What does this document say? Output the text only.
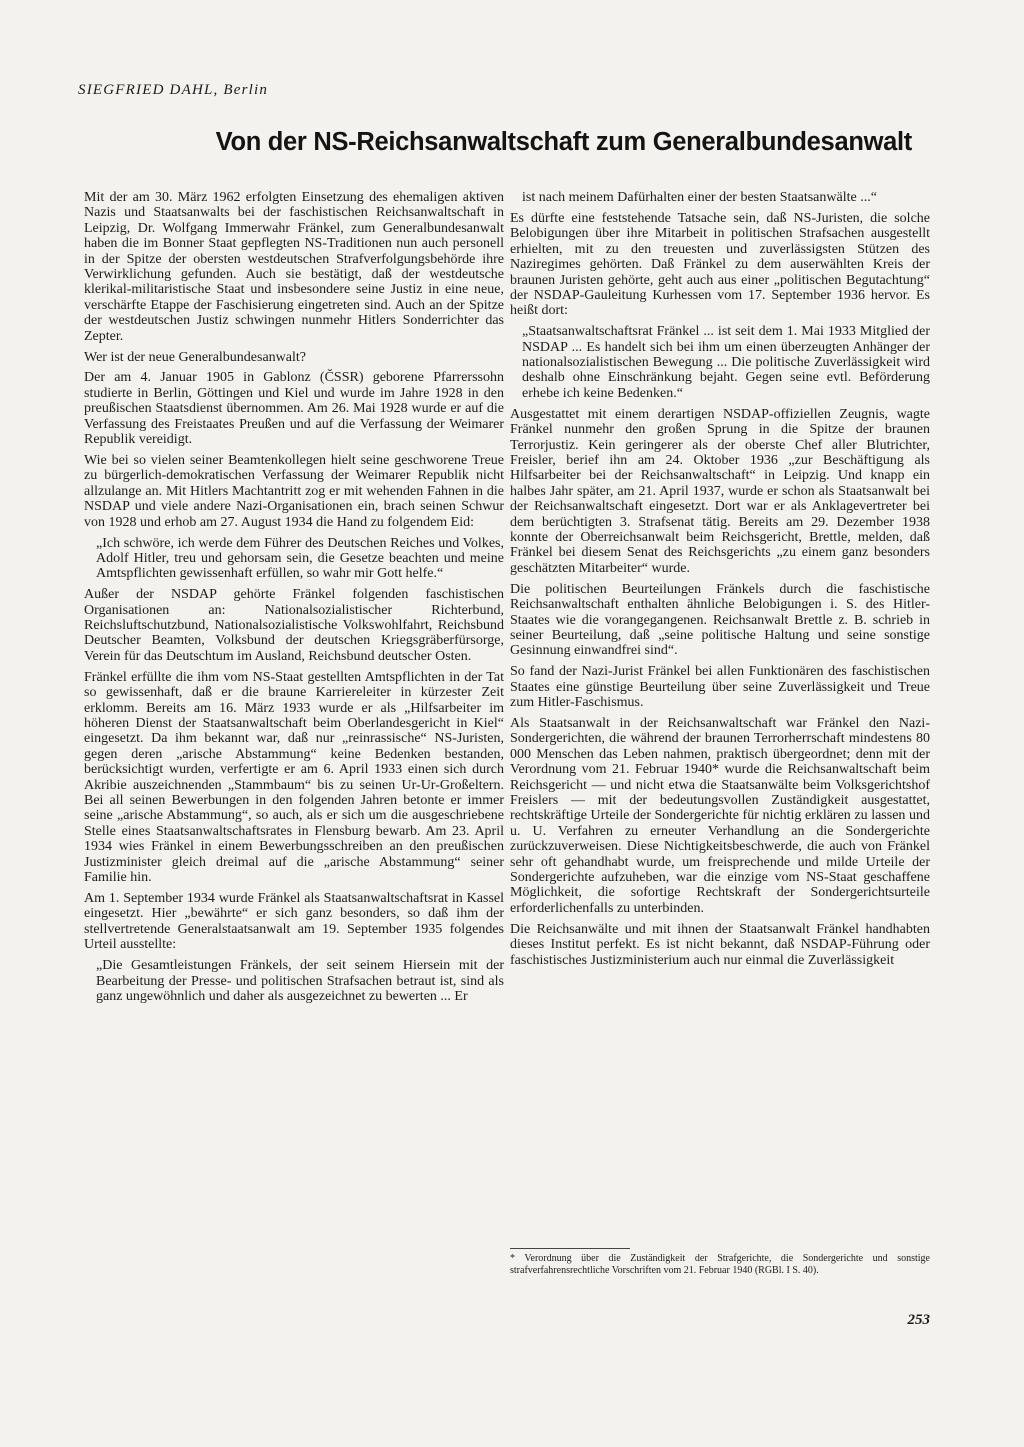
SIEGFRIED DAHL, Berlin
Von der NS-Reichsanwaltschaft zum Generalbundesanwalt

Mit der am 30. März 1962 erfolgten Einsetzung des ehemaligen aktiven Nazis und Staatsanwalts bei der faschistischen Reichsanwaltschaft in Leipzig, Dr. Wolfgang Immerwahr Fränkel, zum Generalbundesanwalt haben die im Bonner Staat gepflegten NS-Traditionen nun auch personell in der Spitze der obersten westdeutschen Strafverfolgungsbehörde ihre Verwirklichung gefunden. Auch sie bestätigt, daß der westdeutsche klerikal-militaristische Staat und insbesondere seine Justiz in eine neue, verschärfte Etappe der Faschisierung eingetreten sind. Auch an der Spitze der westdeutschen Justiz schwingen nunmehr Hitlers Sonderrichter das Zepter.

Wer ist der neue Generalbundesanwalt?

Der am 4. Januar 1905 in Gablonz (ČSSR) geborene Pfarrerssohn studierte in Berlin, Göttingen und Kiel und wurde im Jahre 1928 in den preußischen Staatsdienst übernommen. Am 26. Mai 1928 wurde er auf die Verfassung des Freistaates Preußen und auf die Verfassung der Weimarer Republik vereidigt.

Wie bei so vielen seiner Beamtenkollegen hielt seine geschworene Treue zu bürgerlich-demokratischen Verfassung der Weimarer Republik nicht allzulange an. Mit Hitlers Machtantritt zog er mit wehenden Fahnen in die NSDAP und viele andere Nazi-Organisationen ein, brach seinen Schwur von 1928 und erhob am 27. August 1934 die Hand zu folgendem Eid:

„Ich schwöre, ich werde dem Führer des Deutschen Reiches und Volkes, Adolf Hitler, treu und gehorsam sein, die Gesetze beachten und meine Amtspflichten gewissenhaft erfüllen, so wahr mir Gott helfe.“

Außer der NSDAP gehörte Fränkel folgenden faschistischen Organisationen an: Nationalsozialistischer Richterbund, Reichsluftschutzbund, Nationalsozialistische Volkswohlfahrt, Reichsbund Deutscher Beamten, Volksbund der deutschen Kriegsgräberfürsorge, Verein für das Deutschtum im Ausland, Reichsbund deutscher Osten.

Fränkel erfüllte die ihm vom NS-Staat gestellten Amtspflichten in der Tat so gewissenhaft, daß er die braune Karriereleiter in kürzester Zeit erklomm. Bereits am 16. März 1933 wurde er als „Hilfsarbeiter im höheren Dienst der Staatsanwaltschaft beim Oberlandesgericht in Kiel“ eingesetzt. Da ihm bekannt war, daß nur „reinrassische“ NS-Juristen, gegen deren „arische Abstammung“ keine Bedenken bestanden, berücksichtigt wurden, verfertigte er am 6. April 1933 einen sich durch Akribie auszeichnenden „Stammbaum“ bis zu seinen Ur-Ur-Großeltern. Bei all seinen Bewerbungen in den folgenden Jahren betonte er immer seine „arische Abstammung“, so auch, als er sich um die ausgeschriebene Stelle eines Staatsanwaltschaftsrates in Flensburg bewarb. Am 23. April 1934 wies Fränkel in einem Bewerbungsschreiben an den preußischen Justizminister gleich dreimal auf die „arische Abstammung“ seiner Familie hin.

Am 1. September 1934 wurde Fränkel als Staatsanwaltschaftsrat in Kassel eingesetzt. Hier „bewährte“ er sich ganz besonders, so daß ihm der stellvertretende Generalstaatsanwalt am 19. September 1935 folgendes Urteil ausstellte:

„Die Gesamtleistungen Fränkels, der seit seinem Hiersein mit der Bearbeitung der Presse- und politischen Strafsachen betraut ist, sind als ganz ungewöhnlich und daher als ausgezeichnet zu bewerten ... Er

ist nach meinem Dafürhalten einer der besten Staatsanwälte ...“

Es dürfte eine feststehende Tatsache sein, daß NS-Juristen, die solche Belobigungen über ihre Mitarbeit in politischen Strafsachen ausgestellt erhielten, mit zu den treuesten und zuverlässigsten Stützen des Naziregimes gehörten. Daß Fränkel zu dem auserwählten Kreis der braunen Juristen gehörte, geht auch aus einer „politischen Begutachtung“ der NSDAP-Gauleitung Kurhessen vom 17. September 1936 hervor. Es heißt dort:

„Staatsanwaltschaftsrat Fränkel ... ist seit dem 1. Mai 1933 Mitglied der NSDAP ... Es handelt sich bei ihm um einen überzeugten Anhänger der nationalsozialistischen Bewegung ... Die politische Zuverlässigkeit wird deshalb ohne Einschränkung bejaht. Gegen seine evtl. Beförderung erhebe ich keine Bedenken.“

Ausgestattet mit einem derartigen NSDAP-offiziellen Zeugnis, wagte Fränkel nunmehr den großen Sprung in die Spitze der braunen Terrorjustiz. Kein geringerer als der oberste Chef aller Blutrichter, Freisler, berief ihn am 24. Oktober 1936 „zur Beschäftigung als Hilfsarbeiter bei der Reichsanwaltschaft“ in Leipzig. Und knapp ein halbes Jahr später, am 21. April 1937, wurde er schon als Staatsanwalt bei der Reichsanwaltschaft eingesetzt. Dort war er als Anklagevertreter bei dem berüchtigten 3. Strafsenat tätig. Bereits am 29. Dezember 1938 konnte der Oberreichsanwalt beim Reichsgericht, Brettle, melden, daß Fränkel bei diesem Senat des Reichsgerichts „zu einem ganz besonders geschätzten Mitarbeiter“ wurde.

Die politischen Beurteilungen Fränkels durch die faschistische Reichsanwaltschaft enthalten ähnliche Belobigungen i. S. des Hitler-Staates wie die vorangegangenen. Reichsanwalt Brettle z. B. schrieb in seiner Beurteilung, daß „seine politische Haltung und seine sonstige Gesinnung einwandfrei sind“.

So fand der Nazi-Jurist Fränkel bei allen Funktionären des faschistischen Staates eine günstige Beurteilung über seine Zuverlässigkeit und Treue zum Hitler-Faschismus.

Als Staatsanwalt in der Reichsanwaltschaft war Fränkel den Nazi-Sondergerichten, die während der braunen Terrorherrschaft mindestens 80 000 Menschen das Leben nahmen, praktisch übergeordnet; denn mit der Verordnung vom 21. Februar 1940* wurde die Reichsanwaltschaft beim Reichsgericht — und nicht etwa die Staatsanwälte beim Volksgerichtshof Freislers — mit der bedeutungsvollen Zuständigkeit ausgestattet, rechtskräftige Urteile der Sondergerichte für nichtig erklären zu lassen und u. U. Verfahren zu erneuter Verhandlung an die Sondergerichte zurückzuverweisen. Diese Nichtigkeitsbeschwerde, die auch von Fränkel sehr oft gehandhabt wurde, um freisprechende und milde Urteile der Sondergerichte aufzuheben, war die einzige vom NS-Staat geschaffene Möglichkeit, die sofortige Rechtskraft der Sondergerichtsurteile erforderlichenfalls zu unterbinden.

Die Reichsanwälte und mit ihnen der Staatsanwalt Fränkel handhabten dieses Institut perfekt. Es ist nicht bekannt, daß NSDAP-Führung oder faschistisches Justizministerium auch nur einmal die Zuverlässigkeit

* Verordnung über die Zuständigkeit der Strafgerichte, die Sondergerichte und sonstige strafverfahrensrechtliche Vorschriften vom 21. Februar 1940 (RGBl. I S. 40).
253
